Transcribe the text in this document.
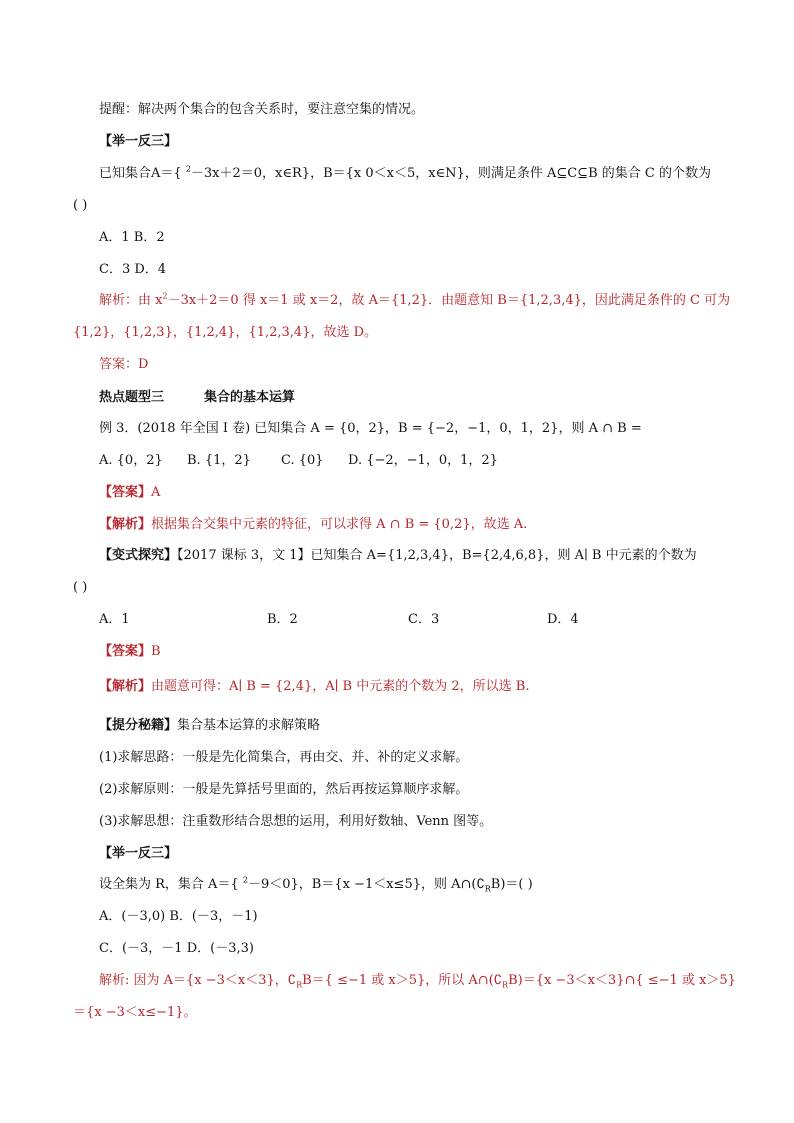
提醒：解决两个集合的包含关系时，要注意空集的情况。
【举一反三】
已知集合A＝{ $^2$－3x＋2＝0，x∈R}，B＝{x 0＜x＜5，x∈N}，则满足条件 A⊆C⊆B 的集合 C 的个数为
( )
A．1 B．2
C．3 D．4
解析：由 $x^2-3x+2=0$ 得 x＝1 或 x＝2，故 A＝{1,2}．由题意知 B＝{1,2,3,4}，因此满足条件的 C 可为
{1,2}，{1,2,3}，{1,2,4}，{1,2,3,4}，故选 D。
答案：D
热点题型三	集合的基本运算
例 3．(2018 年全国 I 卷) 已知集合 A = {0，2}，B = {−2，−1，0，1，2}，则 A ∩ B =
A. {0，2} B. {1，2} C. {0} D. {−2，−1，0，1，2}
【答案】A
【解析】根据集合交集中元素的特征，可以求得 A ∩ B = {0,2}，故选 A.
【变式探究】【2017 课标 3，文 1】已知集合 A={1,2,3,4}，B={2,4,6,8}，则 A∣ B 中元素的个数为
( )
A．1	B．2	C．3	D．4
【答案】B
【解析】由题意可得：A∣ B = {2,4}，A∣ B 中元素的个数为 2，所以选 B.
【提分秘籍】集合基本运算的求解策略
(1)求解思路：一般是先化简集合，再由交、并、补的定义求解。
(2)求解原则：一般是先算括号里面的，然后再按运算顺序求解。
(3)求解思想：注重数形结合思想的运用，利用好数轴、Venn 图等。
【举一反三】
设全集为 R，集合 A＝{ $^2$－9＜0}，B＝{x −1＜x≤5}，则 $A\cap(∁_RB)=$( )
A．(－3,0) B．(－3，－1)
C．(－3，－1 D．(－3,3)
解析: 因为 A＝{x −3＜x＜3}，$∁_RB=\{ \le-1$ 或 x＞5}，所以 $A\cap(∁_RB)=\{x$ −3＜x＜3}∩{ ≤−1 或 x＞5}
＝{x −3＜x≤−1}。
